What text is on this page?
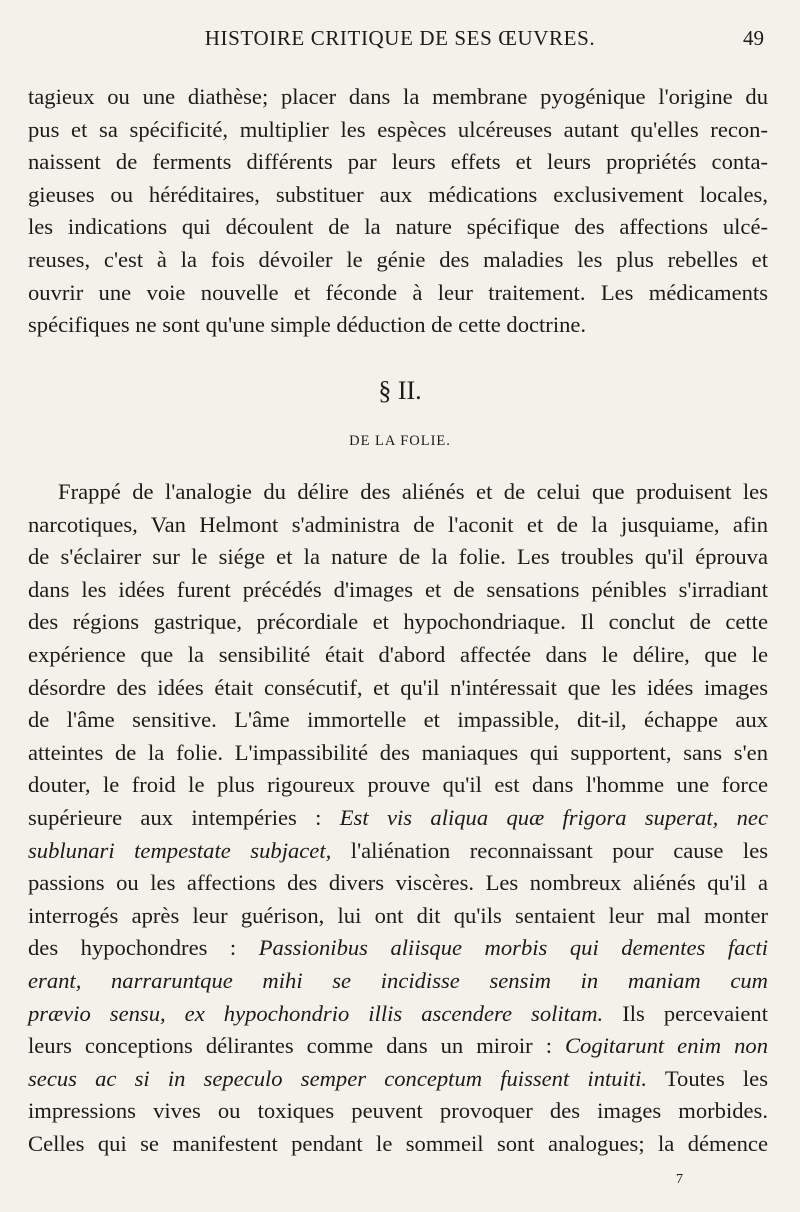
HISTOIRE CRITIQUE DE SES ŒUVRES.	49
tagieux ou une diathèse; placer dans la membrane pyogénique l'origine du
pus et sa spécificité, multiplier les espèces ulcéreuses autant qu'elles recon-
naissent de ferments différents par leurs effets et leurs propriétés conta-
gieuses ou héréditaires, substituer aux médications exclusivement locales,
les indications qui découlent de la nature spécifique des affections ulcé-
reuses, c'est à la fois dévoiler le génie des maladies les plus rebelles et
ouvrir une voie nouvelle et féconde à leur traitement. Les médicaments
spécifiques ne sont qu'une simple déduction de cette doctrine.
§ II.
DE LA FOLIE.
Frappé de l'analogie du délire des aliénés et de celui que produisent les
narcotiques, Van Helmont s'administra de l'aconit et de la jusquiame, afin
de s'éclairer sur le siége et la nature de la folie. Les troubles qu'il éprouva
dans les idées furent précédés d'images et de sensations pénibles s'irradiant
des régions gastrique, précordiale et hypochondriaque. Il conclut de cette
expérience que la sensibilité était d'abord affectée dans le délire, que le
désordre des idées était consécutif, et qu'il n'intéressait que les idées images
de l'âme sensitive. L'âme immortelle et impassible, dit-il, échappe aux
atteintes de la folie. L'impassibilité des maniaques qui supportent, sans s'en
douter, le froid le plus rigoureux prouve qu'il est dans l'homme une force
supérieure aux intempéries : Est vis aliqua quæ frigora superat, nec
sublunari tempestate subjacet, l'aliénation reconnaissant pour cause les
passions ou les affections des divers viscères. Les nombreux aliénés qu'il a
interrogés après leur guérison, lui ont dit qu'ils sentaient leur mal monter
des hypochondres : Passionibus aliisque morbis qui dementes facti
erant, narraruntque mihi se incidisse sensim in maniam cum
prævio sensu, ex hypochondrio illis ascendere solitam. Ils percevaient
leurs conceptions délirantes comme dans un miroir : Cogitarunt enim non
secus ac si in sepeculo semper conceptum fuissent intuiti. Toutes les
impressions vives ou toxiques peuvent provoquer des images morbides.
Celles qui se manifestent pendant le sommeil sont analogues; la démence
7
